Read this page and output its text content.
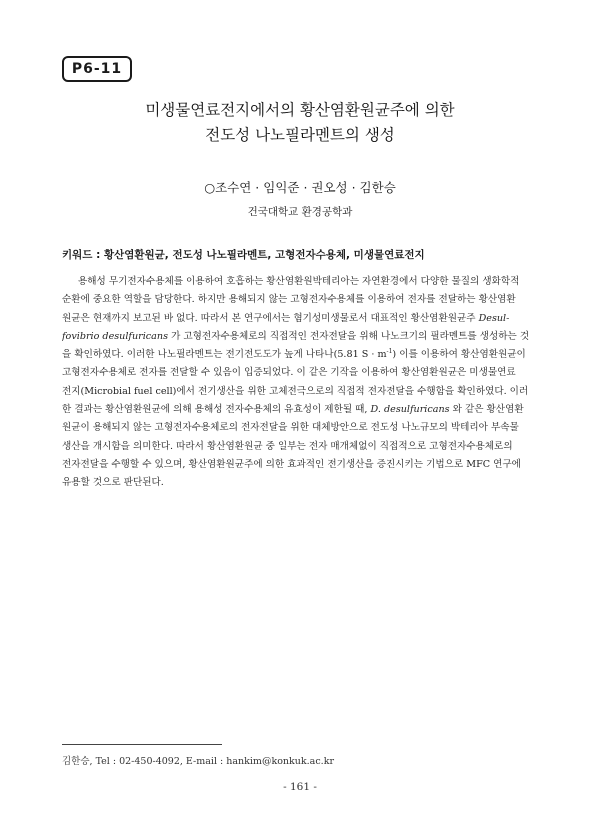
P6-11
미생물연료전지에서의 황산염환원균주에 의한
전도성 나노필라멘트의 생성
○조수연 · 임익준 · 권오성 · 김한승
건국대학교 환경공학과
키워드 : 황산염환원균, 전도성 나노필라멘트, 고형전자수용체, 미생물연료전지
용해성 무기전자수용체를 이용하여 호흡하는 황산염환원박테리아는 자연환경에서 다양한 물질의 생화학적
순환에 중요한 역할을 담당한다. 하지만 용해되지 않는 고형전자수용체를 이용하여 전자를 전달하는 황산염환
원균은 현재까지 보고된 바 없다. 따라서 본 연구에서는 혐기성미생물로서 대표적인 황산염환원균주 Desul-
fovibrio desulfuricans 가 고형전자수용체로의 직접적인 전자전달을 위해 나노크기의 필라멘트를 생성하는 것
을 확인하였다. 이러한 나노필라멘트는 전기전도도가 높게 나타나(5.81 $S \cdot m^{-1}$) 이를 이용하여 황산염환원균이
고형전자수용체로 전자를 전달할 수 있음이 입증되었다. 이 같은 기작을 이용하여 황산염환원균은 미생물연료
전지(Microbial fuel cell)에서 전기생산을 위한 고체전극으로의 직접적 전자전달을 수행함을 확인하였다. 이러
한 결과는 황산염환원균에 의해 용해성 전자수용체의 유효성이 제한될 때, D. desulfuricans 와 같은 황산염환
원균이 용해되지 않는 고형전자수용체로의 전자전달을 위한 대체방안으로 전도성 나노규모의 박테리아 부속물
생산을 개시함을 의미한다. 따라서 황산염환원균 중 일부는 전자 매개체없이 직접적으로 고형전자수용체로의
전자전달을 수행할 수 있으며, 황산염환원균주에 의한 효과적인 전기생산을 증진시키는 기법으로 MFC 연구에
유용할 것으로 판단된다.
김한승, Tel : 02-450-4092, E-mail : hankim@konkuk.ac.kr
- 161 -
